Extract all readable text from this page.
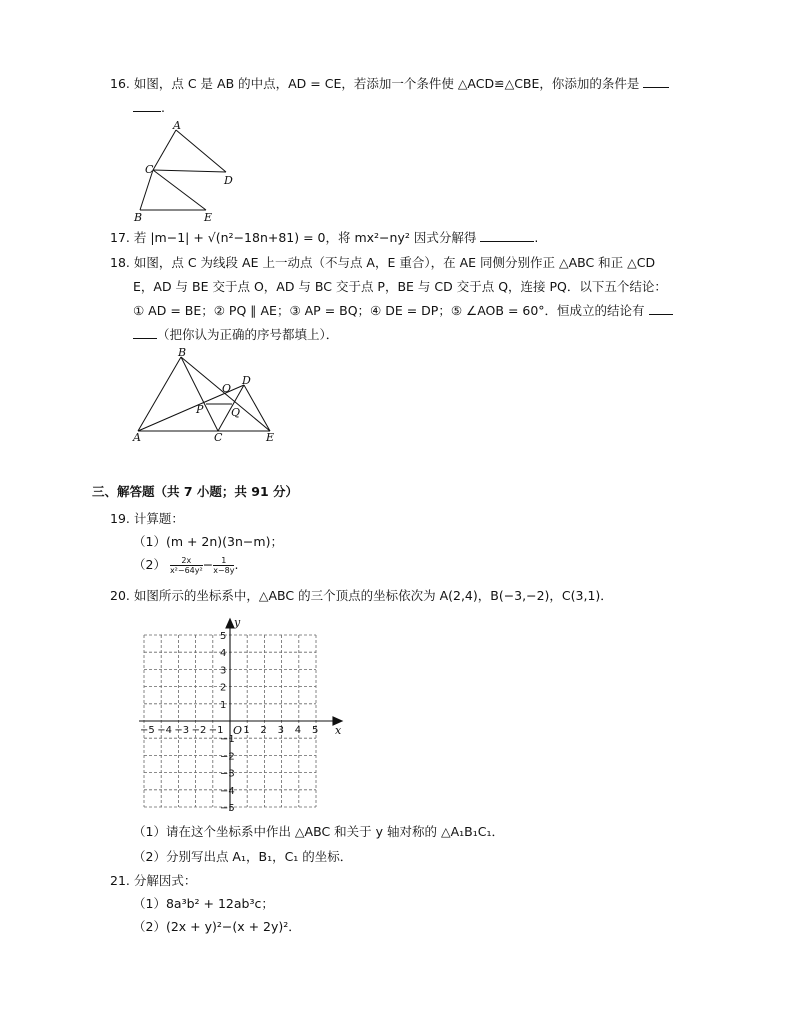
16. 如图，点 C 是 AB 的中点，AD = CE，若添加一个条件使 △ACD≌△CBE，你添加的条件是
.
A
C
D
B	E
17. 若 |m−1| + √(n²−18n+81) = 0，将 mx²−ny² 因式分解得	.
18. 如图，点 C 为线段 AE 上一动点（不与点 A，E 重合），在 AE 同侧分别作正 △ABC 和正 △CD
E，AD 与 BE 交于点 O，AD 与 BC 交于点 P，BE 与 CD 交于点 Q，连接 PQ．以下五个结论：
① AD = BE；② PQ ∥ AE；③ AP = BQ；④ DE = DP；⑤ ∠AOB = 60°．恒成立的结论有
（把你认为正确的序号都填上）．
B
O
D
P	Q
A	C	E
三、解答题（共 7 小题；共 91 分）
19. 计算题：
（1）(m + 2n)(3n−m)；
$(2) \frac{2x}{\text{x²−64y²}} - \frac{1}{x-8y}$ .
20. 如图所示的坐标系中，△ABC 的三个顶点的坐标依次为 A(2,4)，B(−3,−2)，C(3,1)．
−5 −4 −3 −2 −1 1 2 3 4 5
5
4
3
2
1
−1
−2
−3
−4
−5
x
y
O
（1）请在这个坐标系中作出 △ABC 和关于 y 轴对称的 △A₁B₁C₁．
（2）分别写出点 A₁，B₁，C₁ 的坐标．
21. 分解因式：
（1）8a³b² + 12ab³c；
（2）(2x + y)²−(x + 2y)²．
